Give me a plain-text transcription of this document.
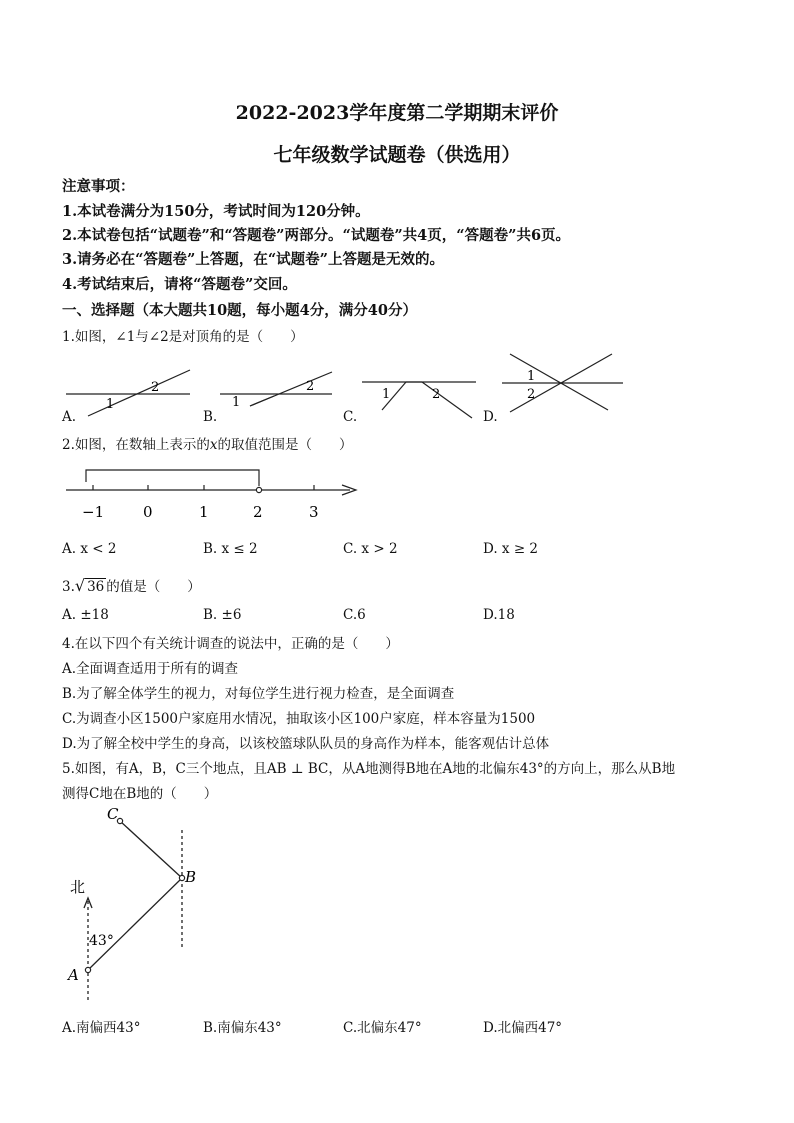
2022-2023学年度第二学期期末评价
七年级数学试题卷（供选用）
注意事项：
1.本试卷满分为150分，考试时间为120分钟。
2.本试卷包括“试题卷”和“答题卷”两部分。“试题卷”共4页，“答题卷”共6页。
3.请务必在“答题卷”上答题，在“试题卷”上答题是无效的。
4.考试结束后，请将“答题卷”交回。
一、选择题（本大题共10题，每小题4分，满分40分）
1.如图，∠1与∠2是对顶角的是（　　）
1
2
1
2
1	2
1
2
A.	B.	C.	D.
2.如图，在数轴上表示的x的取值范围是（　　）
−1	0	1	2	3
A. x < 2	B. x ≤ 2	C. x > 2	D. x ≥ 2
3.√ 36 的值是（　　）
A. ±18	B. ±6	C.6	D.18
4.在以下四个有关统计调查的说法中，正确的是（　　）
A.全面调查适用于所有的调查
B.为了解全体学生的视力，对每位学生进行视力检查，是全面调查
C.为调查小区1500户家庭用水情况，抽取该小区100户家庭，样本容量为1500
D.为了解全校中学生的身高，以该校篮球队队员的身高作为样本，能客观估计总体
5.如图，有A，B，C三个地点，且AB ⊥ BC，从A地测得B地在A地的北偏东43°的方向上，那么从B地
测得C地在B地的（　　）
北
43°
A
B
C
A.南偏西43°	B.南偏东43°	C.北偏东47°	D.北偏西47°
